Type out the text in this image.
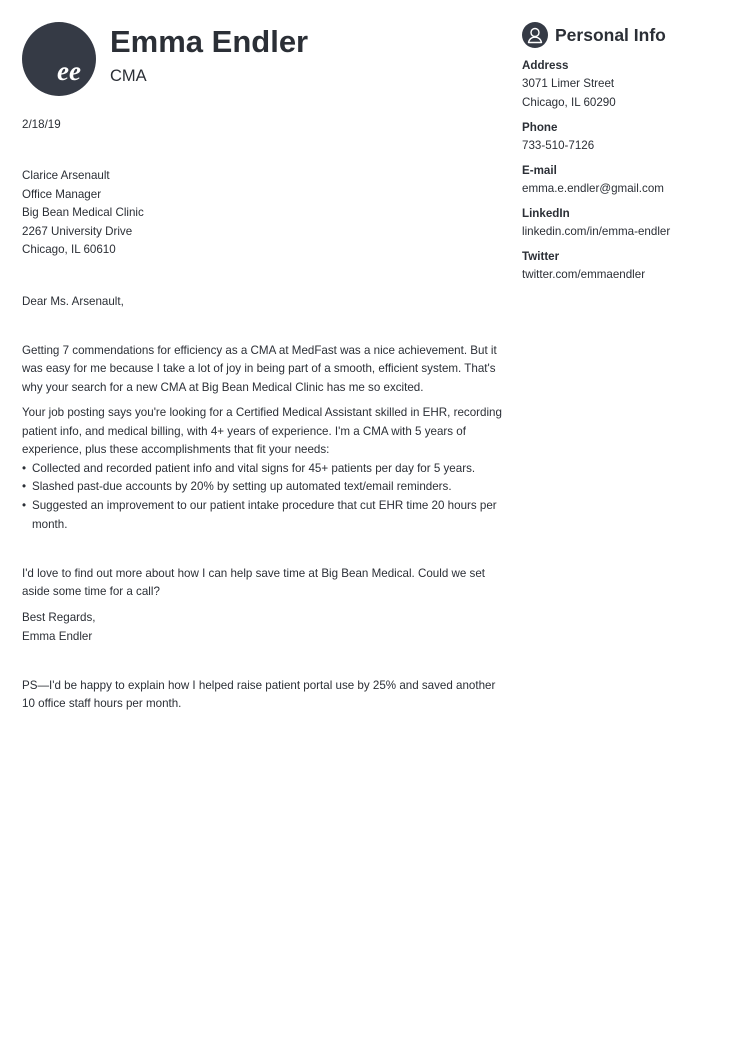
ee
Emma Endler
CMA
2/18/19

Clarice Arsenault

Office Manager

Big Bean Medical Clinic

2267 University Drive

Chicago, IL 60610

Dear Ms. Arsenault,

Getting 7 commendations for efficiency as a CMA at MedFast was a nice achievement. But it was easy for me because I take a lot of joy in being part of a smooth, efficient system. That's why your search for a new CMA at Big Bean Medical Clinic has me so excited.

Your job posting says you're looking for a Certified Medical Assistant skilled in EHR, recording patient info, and medical billing, with 4+ years of experience. I'm a CMA with 5 years of experience, plus these accomplishments that fit your needs:

• Collected and recorded patient info and vital signs for 45+ patients per day for 5 years.
• Slashed past-due accounts by 20% by setting up automated text/email reminders.
• Suggested an improvement to our patient intake procedure that cut EHR time 20 hours per month.

I'd love to find out more about how I can help save time at Big Bean Medical. Could we set aside some time for a call?

Best Regards,

Emma Endler

PS—I'd be happy to explain how I helped raise patient portal use by 25% and saved another 10 office staff hours per month.

Personal Info
Address
3071 Limer Street
Chicago, IL 60290
Phone
733-510-7126
E-mail
emma.e.endler@gmail.com
LinkedIn
linkedin.com/in/emma-endler
Twitter
twitter.com/emmaendler
